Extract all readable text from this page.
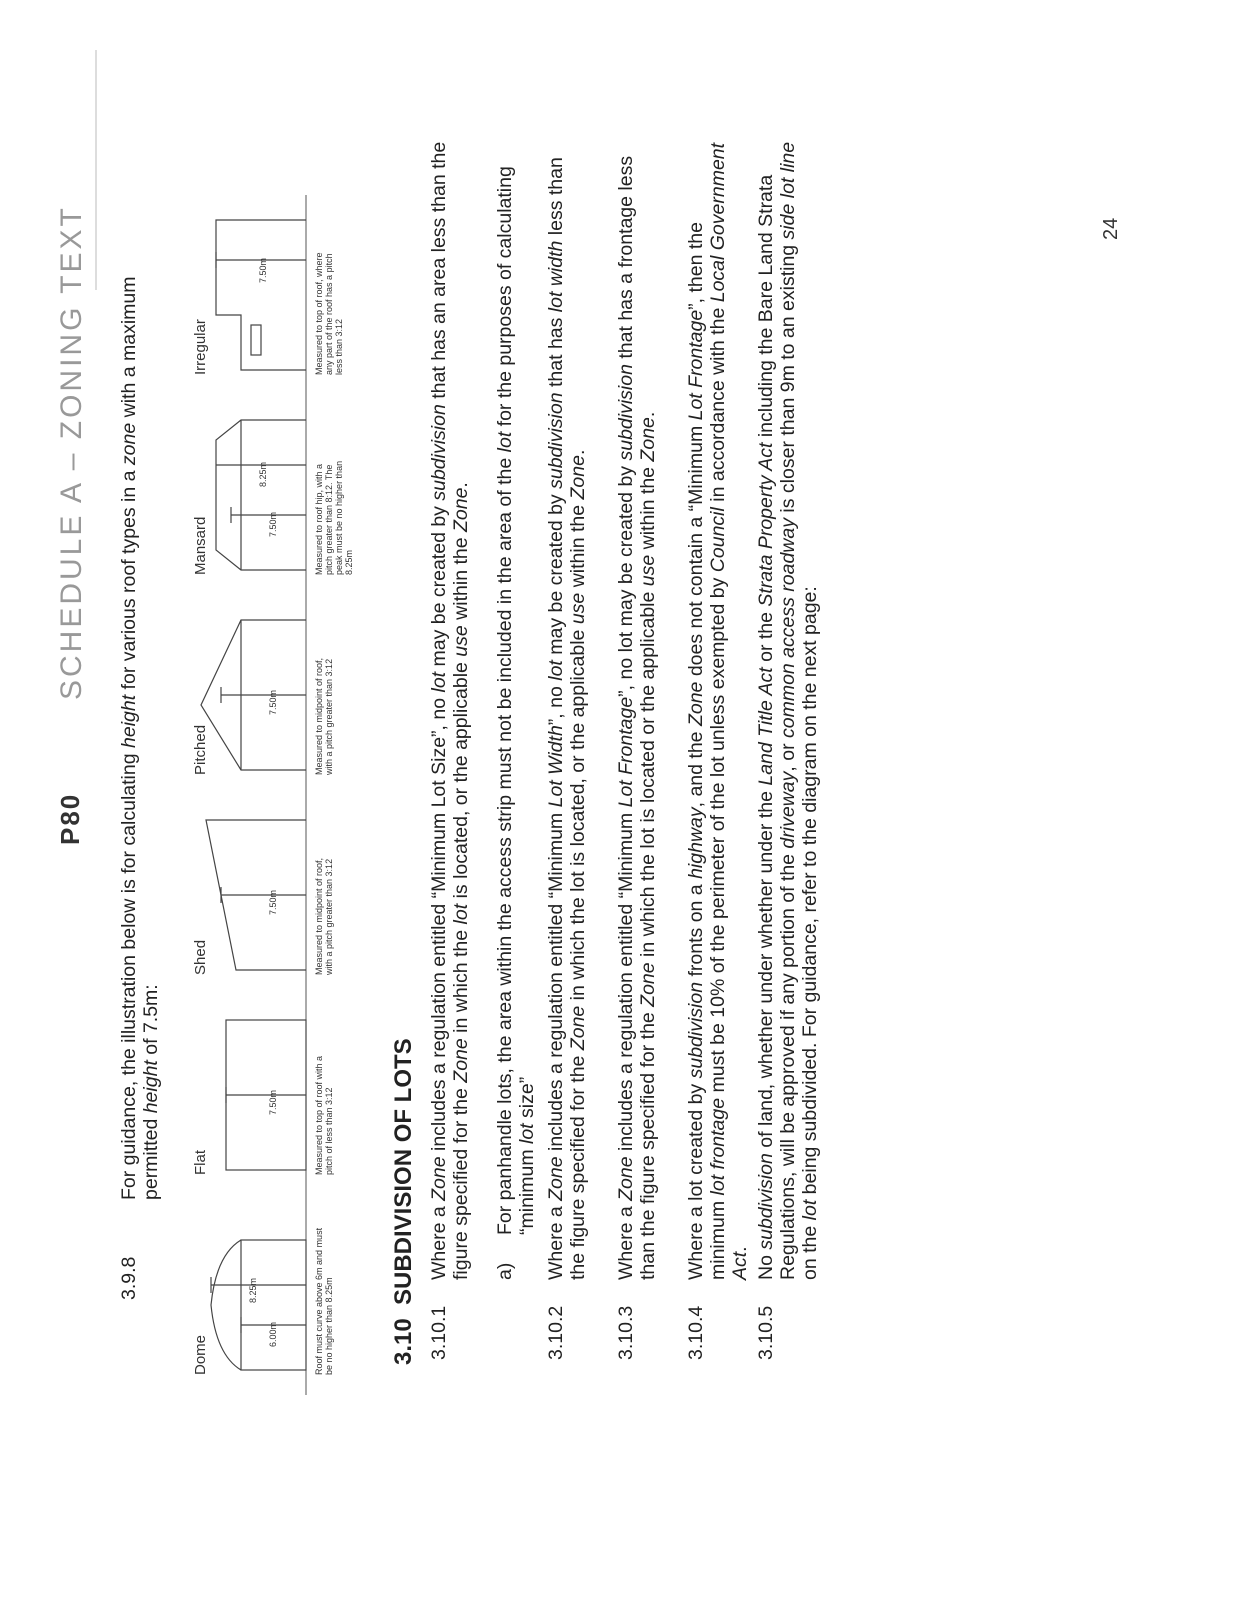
P80
SCHEDULE A – ZONING TEXT
3.9.8
For guidance, the illustration below is for calculating height for various roof types in a zone with a maximum permitted height of 7.5m:
Dome
Flat
Shed
Pitched
Mansard
Irregular
6.00m
8.25m
7.50m
7.50m
7.50m
7.50m
8.25m
7.50m
Roof must curve above 6m and must be no higher than 8.25m
Measured to top of roof with a pitch of less than 3:12
Measured to midpoint of roof, with a pitch greater than 3:12
Measured to midpoint of roof, with a pitch greater than 3:12
Measured to roof hip, with a pitch greater than 8:12. The peak must be no higher than 8.25m
Measured to top of roof, where any part of the roof has a pitch less than 3:12
3.10
SUBDIVISION OF LOTS
3.10.1
Where a Zone includes a regulation entitled “Minimum Lot Size”, no lot may be created by subdivision that has an area less than the figure specified for the Zone in which the lot is located, or the applicable use within the Zone.
a)
For panhandle lots, the area within the access strip must not be included in the area of the lot for the purposes of calculating “minimum lot size”
3.10.2
Where a Zone includes a regulation entitled “Minimum Lot Width”, no lot may be created by subdivision that has lot width less than the figure specified for the Zone in which the lot is located, or the applicable use within the Zone.
3.10.3
Where a Zone includes a regulation entitled “Minimum Lot Frontage”, no lot may be created by subdivision that has a frontage less than the figure specified for the Zone in which the lot is located or the applicable use within the Zone.
3.10.4
Where a lot created by subdivision fronts on a highway, and the Zone does not contain a “Minimum Lot Frontage”, then the minimum lot frontage must be 10% of the perimeter of the lot unless exempted by Council in accordance with the Local Government Act.
3.10.5
No subdivision of land, whether under whether under the Land Title Act or the Strata Property Act including the Bare Land Strata Regulations, will be approved if any portion of the driveway, or common access roadway is closer than 9m to an existing side lot line on the lot being subdivided. For guidance, refer to the diagram on the next page:
24
